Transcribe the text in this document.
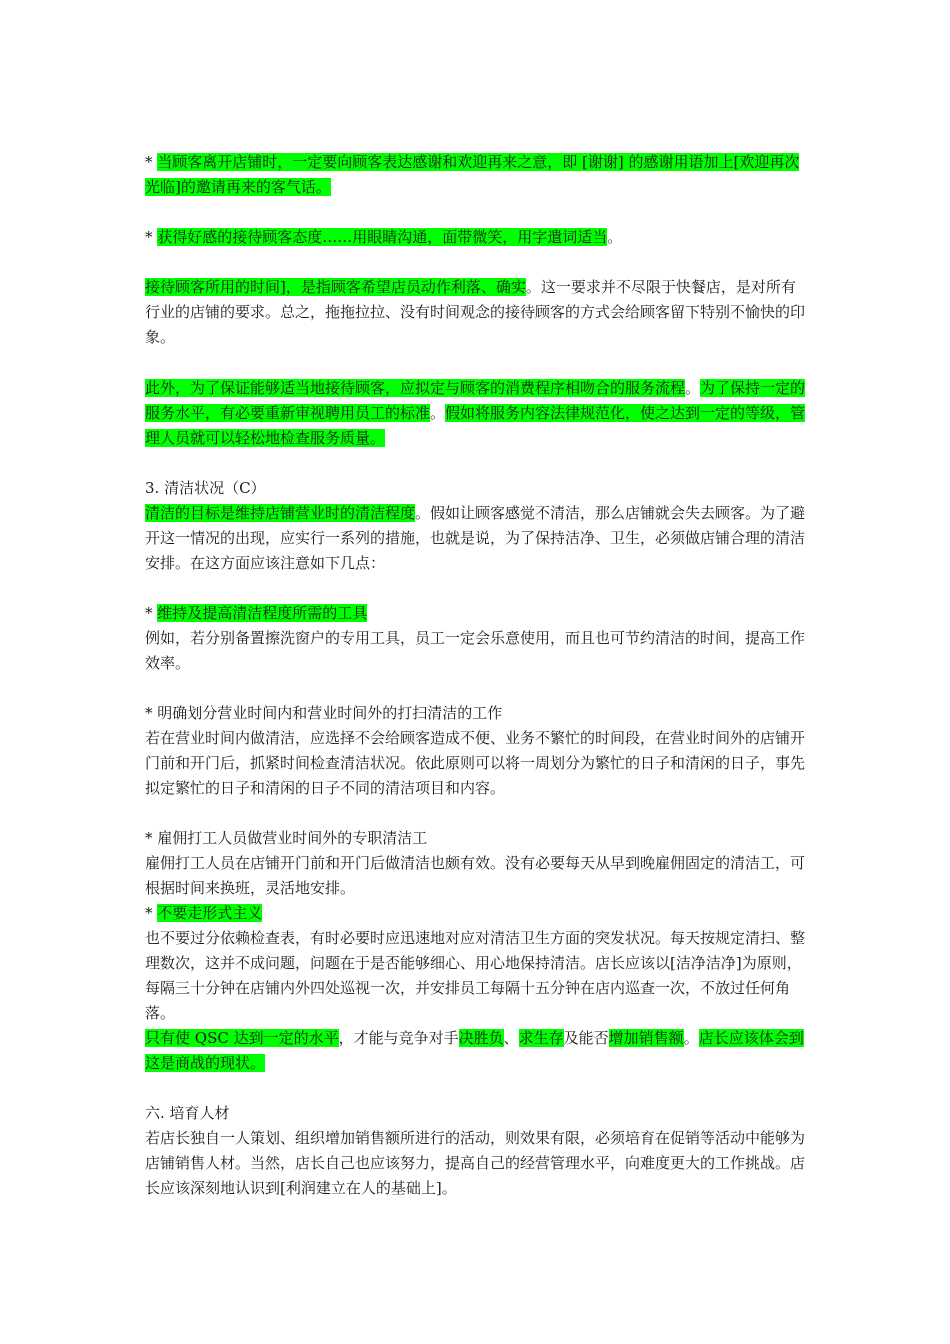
* 当顾客离开店铺时，一定要向顾客表达感谢和欢迎再来之意，即 [谢谢] 的感谢用语加上[欢迎再次光临]的邀请再来的客气话。

* 获得好感的接待顾客态度……用眼睛沟通，面带微笑，用字遣词适当。

接待顾客所用的时间]，是指顾客希望店员动作利落、确实。这一要求并不尽限于快餐店，是对所有行业的店铺的要求。总之，拖拖拉拉、没有时间观念的接待顾客的方式会给顾客留下特别不愉快的印象。

此外，为了保证能够适当地接待顾客，应拟定与顾客的消费程序相吻合的服务流程。为了保持一定的服务水平，有必要重新审视聘用员工的标准。假如将服务内容法律规范化，使之达到一定的等级，管理人员就可以轻松地检查服务质量。

3. 清洁状况（C）

清洁的目标是维持店铺营业时的清洁程度。假如让顾客感觉不清洁，那么店铺就会失去顾客。为了避开这一情况的出现，应实行一系列的措施，也就是说，为了保持洁净、卫生，必须做店铺合理的清洁安排。在这方面应该注意如下几点：

* 维持及提高清洁程度所需的工具

例如，若分别备置擦洗窗户的专用工具，员工一定会乐意使用，而且也可节约清洁的时间，提高工作效率。

* 明确划分营业时间内和营业时间外的打扫清洁的工作

若在营业时间内做清洁，应选择不会给顾客造成不便、业务不繁忙的时间段，在营业时间外的店铺开门前和开门后，抓紧时间检查清洁状况。依此原则可以将一周划分为繁忙的日子和清闲的日子，事先拟定繁忙的日子和清闲的日子不同的清洁项目和内容。

* 雇佣打工人员做营业时间外的专职清洁工

雇佣打工人员在店铺开门前和开门后做清洁也颇有效。没有必要每天从早到晚雇佣固定的清洁工，可根据时间来换班，灵活地安排。

* 不要走形式主义

也不要过分依赖检查表，有时必要时应迅速地对应对清洁卫生方面的突发状况。每天按规定清扫、整理数次，这并不成问题，问题在于是否能够细心、用心地保持清洁。店长应该以[洁净洁净]为原则，每隔三十分钟在店铺内外四处巡视一次，并安排员工每隔十五分钟在店内巡查一次，不放过任何角落。

只有使 QSC 达到一定的水平，才能与竞争对手决胜负、求生存及能否增加销售额。店长应该体会到这是商战的现状。

六. 培育人材

若店长独自一人策划、组织增加销售额所进行的活动，则效果有限，必须培育在促销等活动中能够为店铺销售人材。当然，店长自己也应该努力，提高自己的经营管理水平，向难度更大的工作挑战。店长应该深刻地认识到[利润建立在人的基础上]。
